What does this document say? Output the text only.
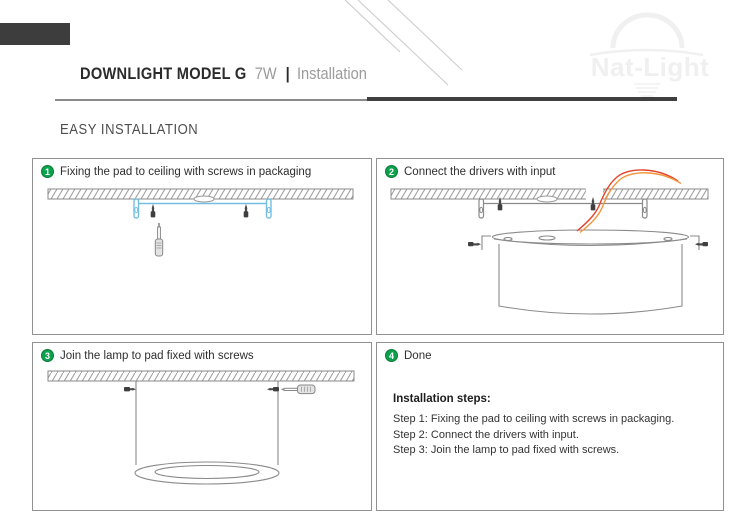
Nat-Light
DOWNLIGHT MODEL G 7W | Installation
EASY INSTALLATION
1 Fixing the pad to ceiling with screws in packaging	2 Connect the drivers with input
3 Join the lamp to pad fixed with screws	4 Done
Installation steps:
Step 1: Fixing the pad to ceiling with screws in packaging.
Step 2: Connect the drivers with input.
Step 3: Join the lamp to pad fixed with screws.
